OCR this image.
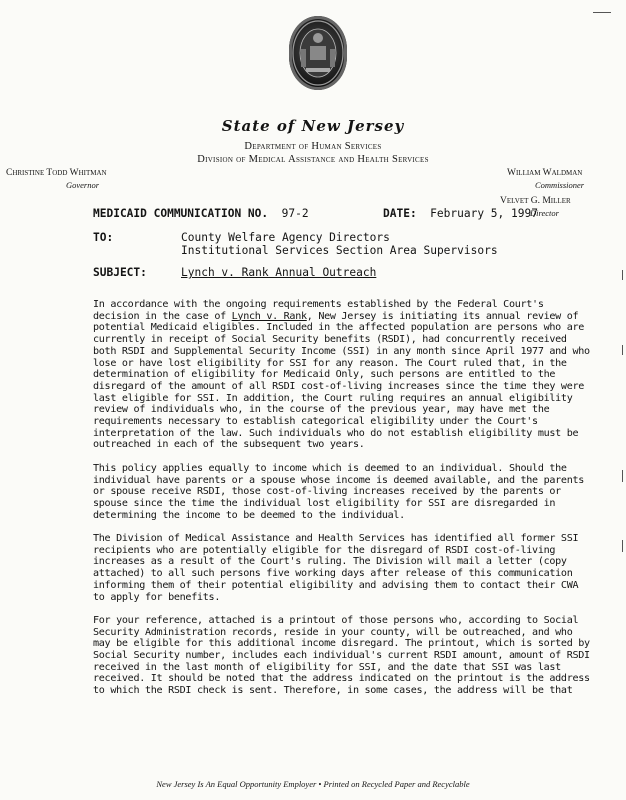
State of New Jersey
Department of Human Services
Division of Medical Assistance and Health Services
Christine Todd Whitman
Governor
William Waldman
Commissioner
Velvet G. Miller
Director
MEDICAID COMMUNICATION NO. 97-2	DATE: February 5, 1997
TO:	County Welfare Agency Directors
Institutional Services Section Area Supervisors
SUBJECT:	Lynch v. Rank Annual Outreach

In accordance with the ongoing requirements established by the Federal Court's decision in the case of Lynch v. Rank, New Jersey is initiating its annual review of potential Medicaid eligibles. Included in the affected population are persons who are currently in receipt of Social Security benefits (RSDI), had concurrently received both RSDI and Supplemental Security Income (SSI) in any month since April 1977 and who lose or have lost eligibility for SSI for any reason. The Court ruled that, in the determination of eligibility for Medicaid Only, such persons are entitled to the disregard of the amount of all RSDI cost-of-living increases since the time they were last eligible for SSI. In addition, the Court ruling requires an annual eligibility review of individuals who, in the course of the previous year, may have met the requirements necessary to establish categorical eligibility under the Court's interpretation of the law. Such individuals who do not establish eligibility must be outreached in each of the subsequent two years.

This policy applies equally to income which is deemed to an individual. Should the individual have parents or a spouse whose income is deemed available, and the parents or spouse receive RSDI, those cost-of-living increases received by the parents or spouse since the time the individual lost eligibility for SSI are disregarded in determining the income to be deemed to the individual.

The Division of Medical Assistance and Health Services has identified all former SSI recipients who are potentially eligible for the disregard of RSDI cost-of-living increases as a result of the Court's ruling. The Division will mail a letter (copy attached) to all such persons five working days after release of this communication informing them of their potential eligibility and advising them to contact their CWA to apply for benefits.

For your reference, attached is a printout of those persons who, according to Social Security Administration records, reside in your county, will be outreached, and who may be eligible for this additional income disregard. The printout, which is sorted by Social Security number, includes each individual's current RSDI amount, amount of RSDI received in the last month of eligibility for SSI, and the date that SSI was last received. It should be noted that the address indicated on the printout is the address to which the RSDI check is sent. Therefore, in some cases, the address will be that

New Jersey Is An Equal Opportunity Employer • Printed on Recycled Paper and Recyclable
